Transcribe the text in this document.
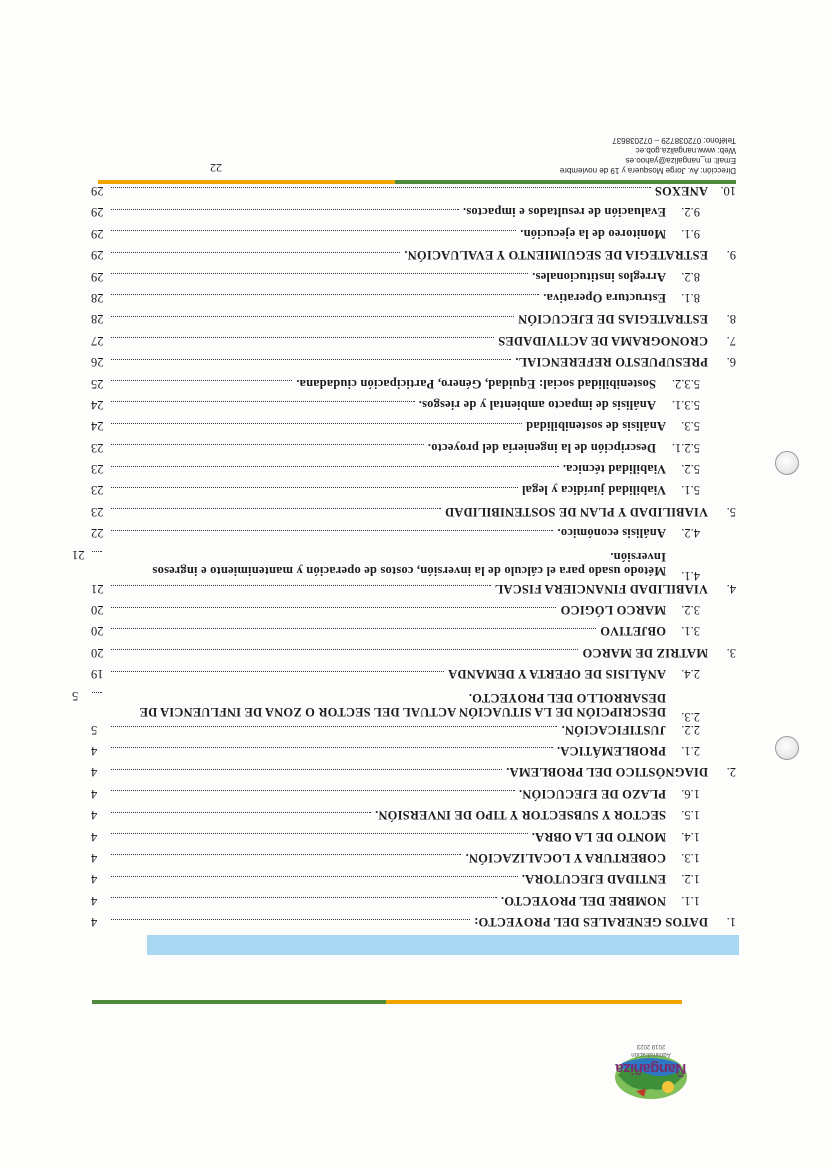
Ñangañiza
Administración
2019 2023
1.
DATOS GENERALES DEL PROYECTO:
4
1.1.
NOMBRE DEL PROYECTO.
4
1.2.
ENTIDAD EJECUTORA.
4
1.3.
COBERTURA Y LOCALIZACIÓN.
4
1.4.
MONTO DE LA OBRA.
4
1.5.
SECTOR Y SUBSECTOR Y TIPO DE INVERSIÓN.
4
1.6.
PLAZO DE EJECUCIÓN.
4
2.
DIAGNÓSTICO DEL PROBLEMA.
4
2.1.
PROBLEMÁTICA.
4
2.2.
JUSTIFICACIÓN.
5
2.3.
DESCRIPCIÓN DE LA SITUACIÓN ACTUAL DEL SECTOR O ZONA DE INFLUENCIA DE DESARROLLO DEL PROYECTO.
5
2.4.
ANÁLISIS DE OFERTA Y DEMANDA
19
3.
MATRIZ DE MARCO
20
3.1.
OBJETIVO
20
3.2.
MARCO LÓGICO
20
4.
VIABILIDAD FINANCIERA FISCAL
21
4.1.
Método usado para el cálculo de la inversión, costos de operación y mantenimiento e ingresos Inversión.
21
4.2.
Análisis económico.
22
5.
VIABILIDAD Y PLAN DE SOSTENIBILIDAD
23
5.1.
Viabilidad jurídica y legal
23
5.2.
Viabilidad técnica.
23
5.2.1.
Descripción de la ingeniería del proyecto.
23
5.3.
Análisis de sostenibilidad
24
5.3.1.
Análisis de impacto ambiental y de riesgos.
24
5.3.2.
Sostenibilidad social: Equidad, Género, Participación ciudadana.
25
6.
PRESUPUESTO REFERENCIAL.
26
7.
CRONOGRAMA DE ACTIVIDADES
27
8.
ESTRATEGIAS DE EJECUCIÓN
28
8.1.
Estructura Operativa.
28
8.2.
Arreglos institucionales.
29
9.
ESTRATEGIA DE SEGUIMIENTO Y EVALUACIÓN.
29
9.1.
Monitoreo de la ejecución.
29
9.2.
Evaluación de resultados e impactos.
29
10.
ANEXOS
29
22	Dirección: Av. Jorge Mosquera y 19 de noviembre
Email: m_nangaliza@yahoo.es
Web: www.nangaliza.gob.ec
Teléfono: 072038729 – 072038637
